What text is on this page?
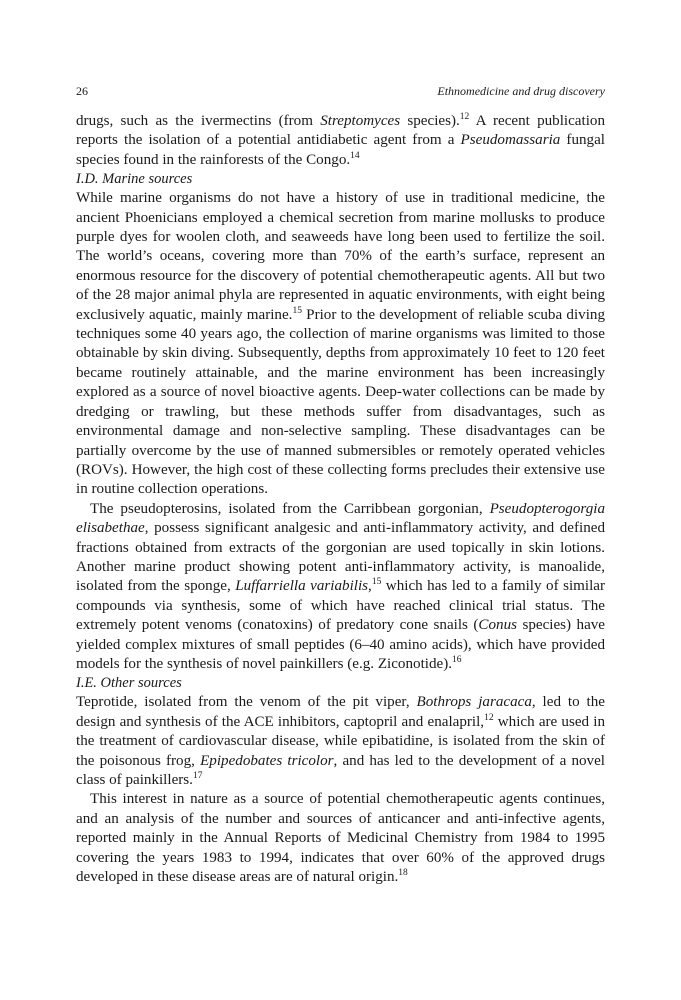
26	Ethnomedicine and drug discovery

drugs, such as the ivermectins (from Streptomyces species).$^{12}$ A recent publication reports the isolation of a potential antidiabetic agent from a Pseudomassaria fungal species found in the rainforests of the Congo.$^{14}$

I.D. Marine sources

While marine organisms do not have a history of use in traditional medicine, the ancient Phoenicians employed a chemical secretion from marine mollusks to produce purple dyes for woolen cloth, and seaweeds have long been used to fertilize the soil. The world’s oceans, covering more than 70% of the earth’s surface, represent an enormous resource for the discovery of potential chemotherapeutic agents. All but two of the 28 major animal phyla are represented in aquatic environments, with eight being exclusively aquatic, mainly marine.$^{15}$ Prior to the development of reliable scuba diving techniques some 40 years ago, the collection of marine organisms was limited to those obtainable by skin diving. Subsequently, depths from approximately 10 feet to 120 feet became routinely attainable, and the marine environment has been increasingly explored as a source of novel bioactive agents. Deep-water collections can be made by dredging or trawling, but these methods suffer from disadvantages, such as environmental damage and non-selective sampling. These disadvantages can be partially overcome by the use of manned submersibles or remotely operated vehicles (ROVs). However, the high cost of these collecting forms precludes their extensive use in routine collection operations.

The pseudopterosins, isolated from the Carribbean gorgonian, Pseudopterogorgia elisabethae, possess significant analgesic and anti-inflammatory activity, and defined fractions obtained from extracts of the gorgonian are used topically in skin lotions. Another marine product showing potent anti-inflammatory activity, is manoalide, isolated from the sponge, Luffarriella variabilis,$^{15}$ which has led to a family of similar compounds via synthesis, some of which have reached clinical trial status. The extremely potent venoms (conatoxins) of predatory cone snails (Conus species) have yielded complex mixtures of small peptides (6–40 amino acids), which have provided models for the synthesis of novel painkillers (e.g. Ziconotide).$^{16}$

I.E. Other sources

Teprotide, isolated from the venom of the pit viper, Bothrops jaracaca, led to the design and synthesis of the ACE inhibitors, captopril and enalapril,$^{12}$ which are used in the treatment of cardiovascular disease, while epibatidine, is isolated from the skin of the poisonous frog, Epipedobates tricolor, and has led to the development of a novel class of painkillers.$^{17}$

This interest in nature as a source of potential chemotherapeutic agents continues, and an analysis of the number and sources of anticancer and anti-infective agents, reported mainly in the Annual Reports of Medicinal Chemistry from 1984 to 1995 covering the years 1983 to 1994, indicates that over 60% of the approved drugs developed in these disease areas are of natural origin.$^{18}$
